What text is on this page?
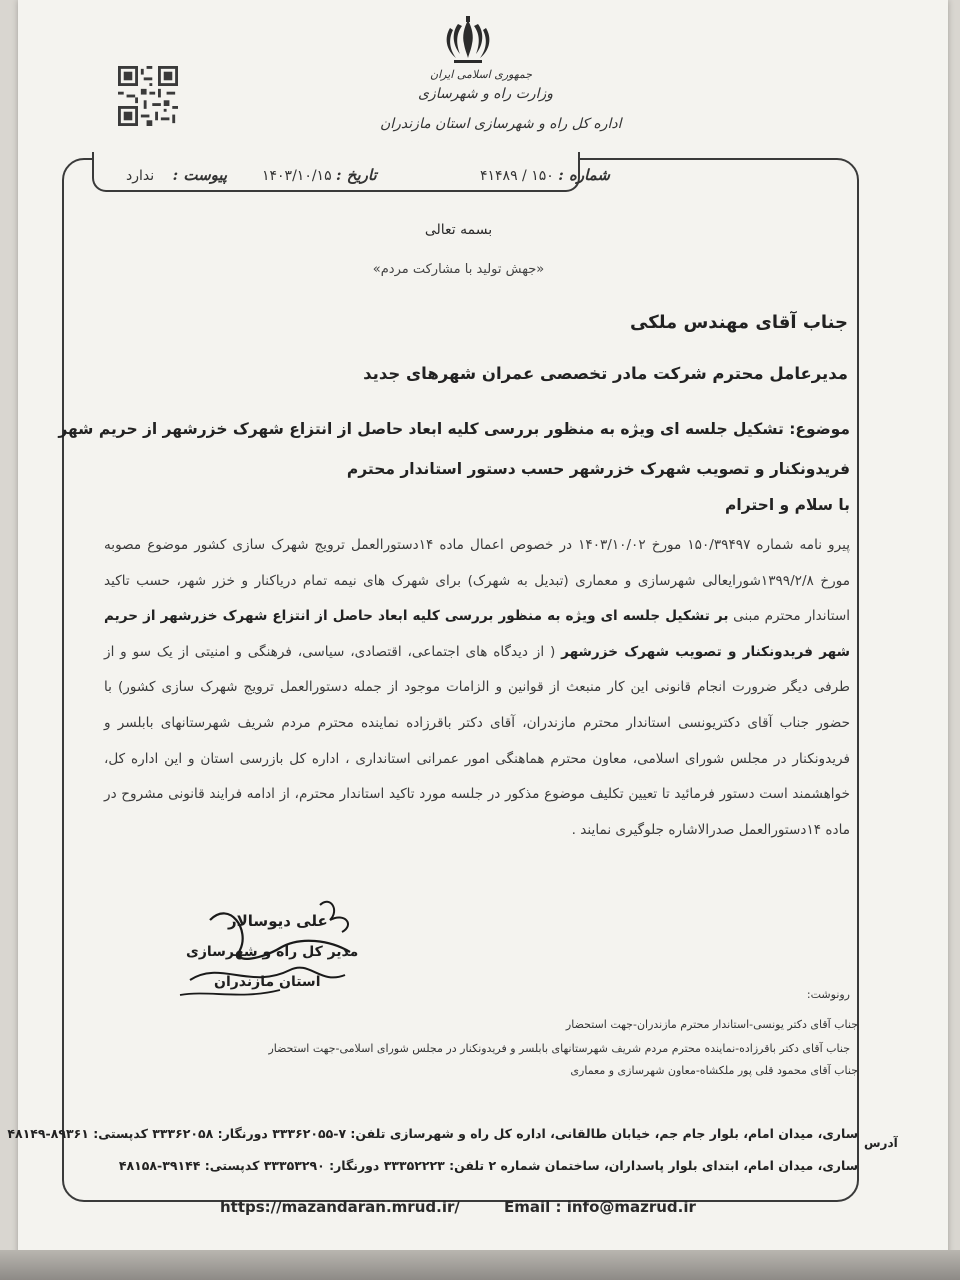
جمهوری اسلامی ایران
وزارت راه و شهرسازی
اداره کل راه و شهرسازی استان مازندران
شماره : ۱۵۰ / ۴۱۴۸۹
تاریخ : ۱۴۰۳/۱۰/۱۵
پیوست : ندارد
بسمه تعالی
«جهش تولید با مشارکت مردم»
جناب آقای مهندس ملکی
مدیرعامل محترم شرکت مادر تخصصی عمران شهرهای جدید
موضوع: تشکیل جلسه ای ویژه به منظور بررسی کلیه ابعاد حاصل از انتزاع شهرک خزرشهر از حریم شهر
فریدونکنار و تصویب شهرک خزرشهر حسب دستور استاندار محترم
با سلام و احترام
پیرو نامه شماره ۱۵۰/۳۹۴۹۷ مورخ ۱۴۰۳/۱۰/۰۲ در خصوص اعمال ماده ۱۴دستورالعمل ترویج شهرک سازی کشور موضوع مصوبه مورخ ۱۳۹۹/۲/۸شورایعالی شهرسازی و معماری (تبدیل به شهرک) برای شهرک های نیمه تمام دریاکنار و خزر شهر، حسب تاکید استاندار محترم مبنی بر تشکیل جلسه ای ویژه به منظور بررسی کلیه ابعاد حاصل از انتزاع شهرک خزرشهر از حریم شهر فریدونکنار و تصویب شهرک خزرشهر ( از دیدگاه های اجتماعی، اقتصادی، سیاسی، فرهنگی و امنیتی از یک سو و از طرفی دیگر ضرورت انجام قانونی این کار منبعث از قوانین و الزامات موجود از جمله دستورالعمل ترویج شهرک سازی کشور) با حضور جناب آقای دکتریونسی استاندار محترم مازندران، آقای دکتر باقرزاده نماینده محترم مردم شریف شهرستانهای بابلسر و فریدونکنار در مجلس شورای اسلامی، معاون محترم هماهنگی امور عمرانی استانداری ، اداره کل بازرسی استان و این اداره کل، خواهشمند است دستور فرمائید تا تعیین تکلیف موضوع مذکور در جلسه مورد تاکید استاندار محترم، از ادامه فرایند قانونی مشروح در ماده ۱۴دستورالعمل صدرالاشاره جلوگیری نمایند .
علی دیوسالار
مدیر کل راه و شهرسازی
استان مازندران
رونوشت:
جناب آقای دکتر یونسی-استاندار محترم مازندران-جهت استحضار
جناب آقای دکتر باقرزاده-نماینده محترم مردم شریف شهرستانهای بابلسر و فریدونکنار در مجلس شورای اسلامی-جهت استحضار
جناب آقای محمود قلی پور ملکشاه-معاون شهرسازی و معماری
آدرس
ساری، میدان امام، بلوار جام جم، خیابان طالقانی، اداره کل راه و شهرسازی تلفن: ۷-۳۳۳۶۲۰۵۵ دورنگار: ۳۳۳۶۲۰۵۸ کدپستی: ۸۹۳۶۱-۴۸۱۴۹
ساری، میدان امام، ابتدای بلوار پاسداران، ساختمان شماره ۲ تلفن: ۳۳۳۵۲۲۲۳ دورنگار: ۳۳۳۵۳۲۹۰ کدپستی: ۳۹۱۴۴-۴۸۱۵۸
https://mazandaran.mrud.ir/	Email : info@mazrud.ir
